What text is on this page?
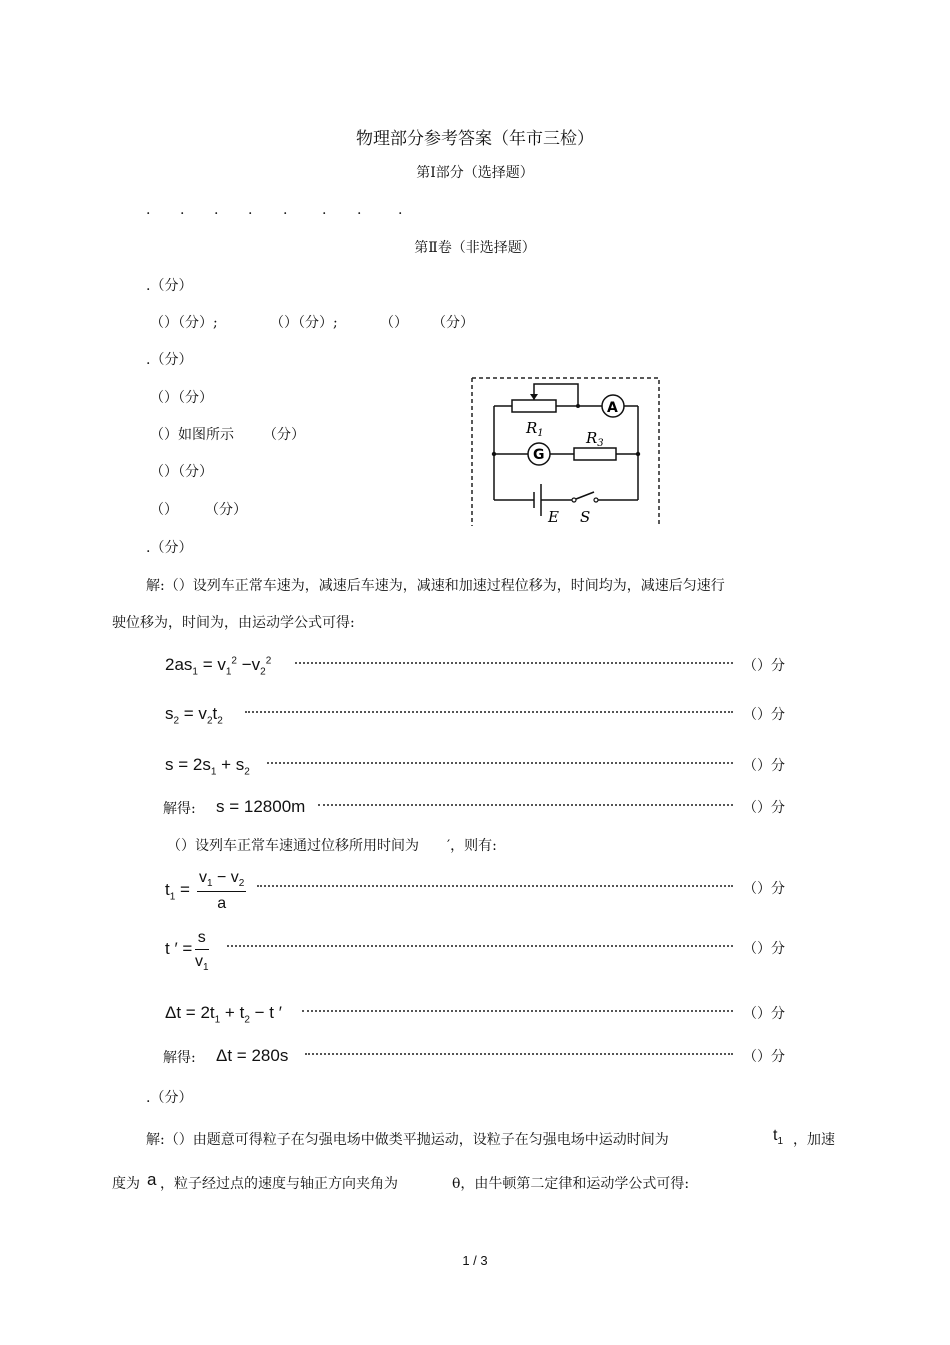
物理部分参考答案（年市三检）
第Ⅰ部分（选择题）
. . . . . . .	.
第Ⅱ卷（非选择题）
.（分）
（）（分）;	（）（分）;	（） （分）
.（分）
（）（分）
（）如图所示 （分）
（）（分）
（） （分）
$R_1$	$R_3$
A
G
E S
.（分）
解:（）设列车正常车速为，减速后车速为，减速和加速过程位移为，时间均为，减速后匀速行
驶位移为，时间为，由运动学公式可得:
$2as_1 = v_1^2 -v_2^2$	（）分
$s_2 = v_2t_2$	（）分
$s = 2s_1 + s_2$	（）分
解得: s = 12800m	（）分
（）设列车正常车速通过位移所用时间为　　′，则有:
$t_1 = \frac{v_1 - v_2}{a}$	（）分
t ′ = $\frac{s}{v_1}$	（）分
$\Delta t = 2t_1 + t_2 - t$ ′	（）分
解得: Δt = 280s	（）分
.（分）
解:（）由题意可得粒子在匀强电场中做类平抛运动，设粒子在匀强电场中运动时间为	$t_1$ ，加速
度为 a ，粒子经过点的速度与轴正方向夹角为	θ，由牛顿第二定律和运动学公式可得:
1 / 3
